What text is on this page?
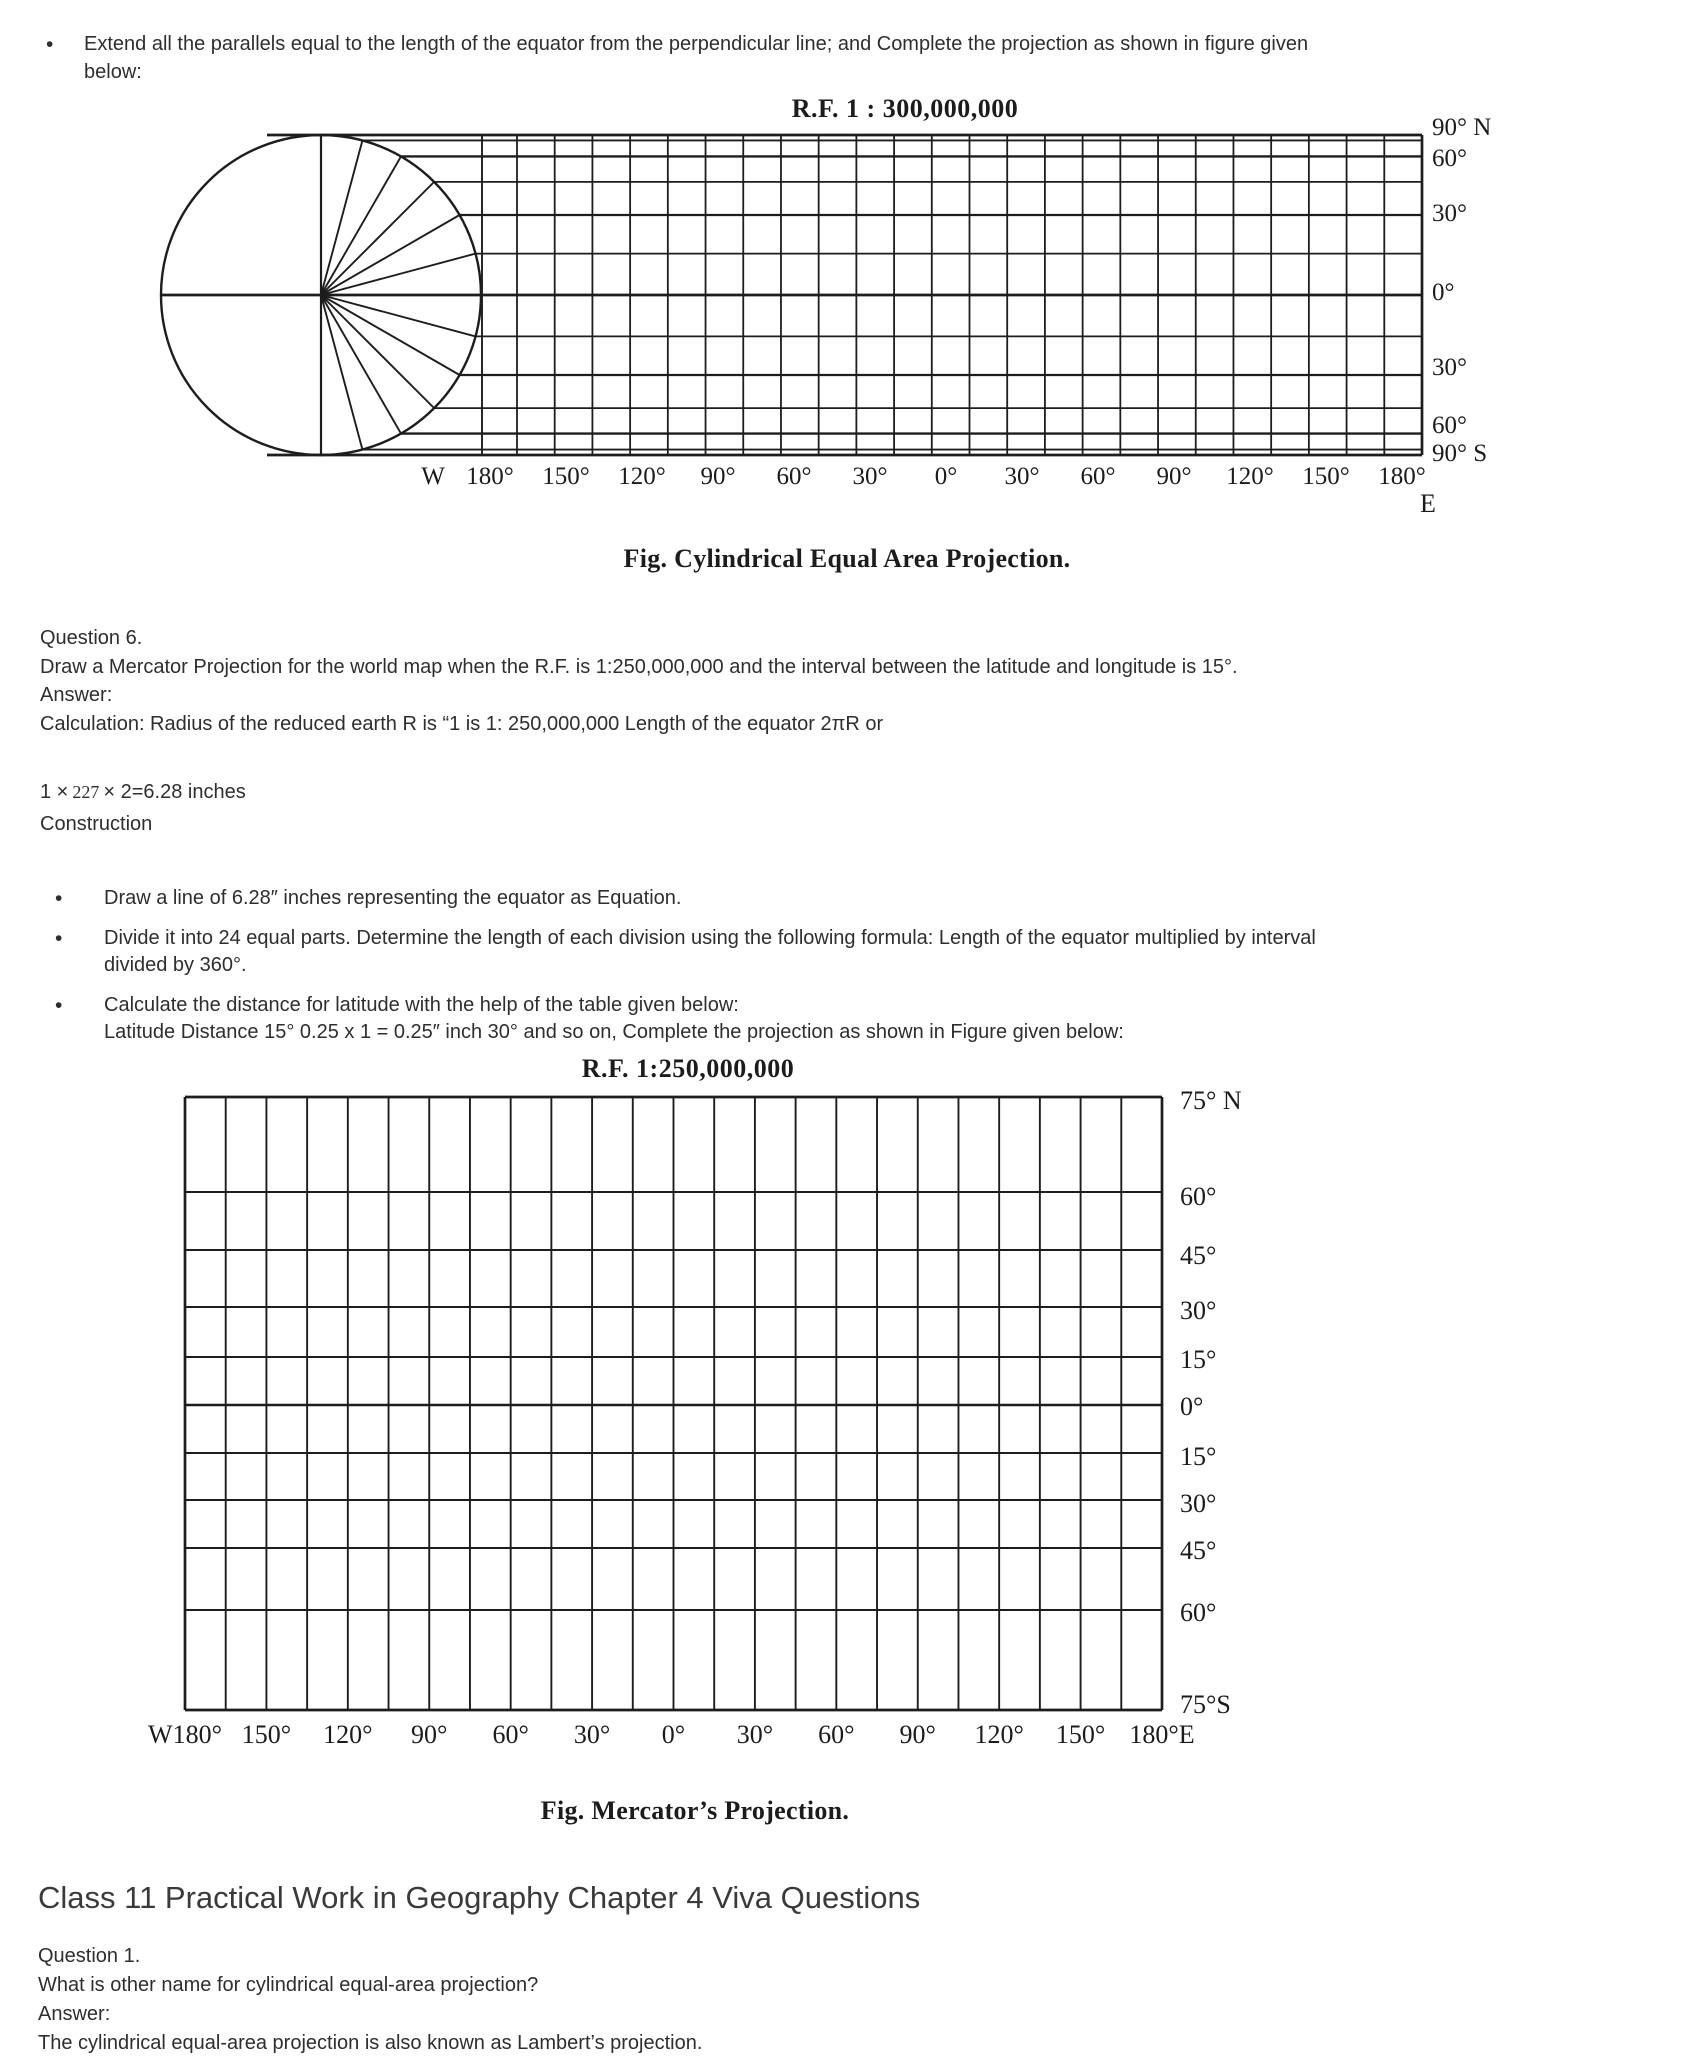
•	Extend all the parallels equal to the length of the equator from the perpendicular line; and Complete the projection as shown in figure given
below:
R.F. 1 : 300,000,000
Fig. Cylindrical Equal Area Projection.
90° N
60°
30°
0°
30°
60°
90° S
180° 150° 120° 90° 60° 30° 0° 30° 60° 90° 120° 150° 180°
W
E
75° N
60°
45°
30°
15°
0°
15°
30°
45°
60°
75°S
W180° 150° 120° 90° 60° 30° 0° 30° 60° 90° 120° 150° 180°E
Question 6.
Draw a Mercator Projection for the world map when the R.F. is 1:250,000,000 and the interval between the latitude and longitude is 15°.
Answer:
Calculation: Radius of the reduced earth R is “1 is 1: 250,000,000 Length of the equator 2πR or
1 × 227 × 2=6.28 inches
Construction
•	Draw a line of 6.28″ inches representing the equator as Equation.
•	Divide it into 24 equal parts. Determine the length of each division using the following formula: Length of the equator multiplied by interval
divided by 360°.
•	Calculate the distance for latitude with the help of the table given below:
Latitude Distance 15° 0.25 x 1 = 0.25″ inch 30° and so on, Complete the projection as shown in Figure given below:
R.F. 1:250,000,000
Fig. Mercator’s Projection.
Class 11 Practical Work in Geography Chapter 4 Viva Questions
Question 1.
What is other name for cylindrical equal-area projection?
Answer:
The cylindrical equal-area projection is also known as Lambert’s projection.
